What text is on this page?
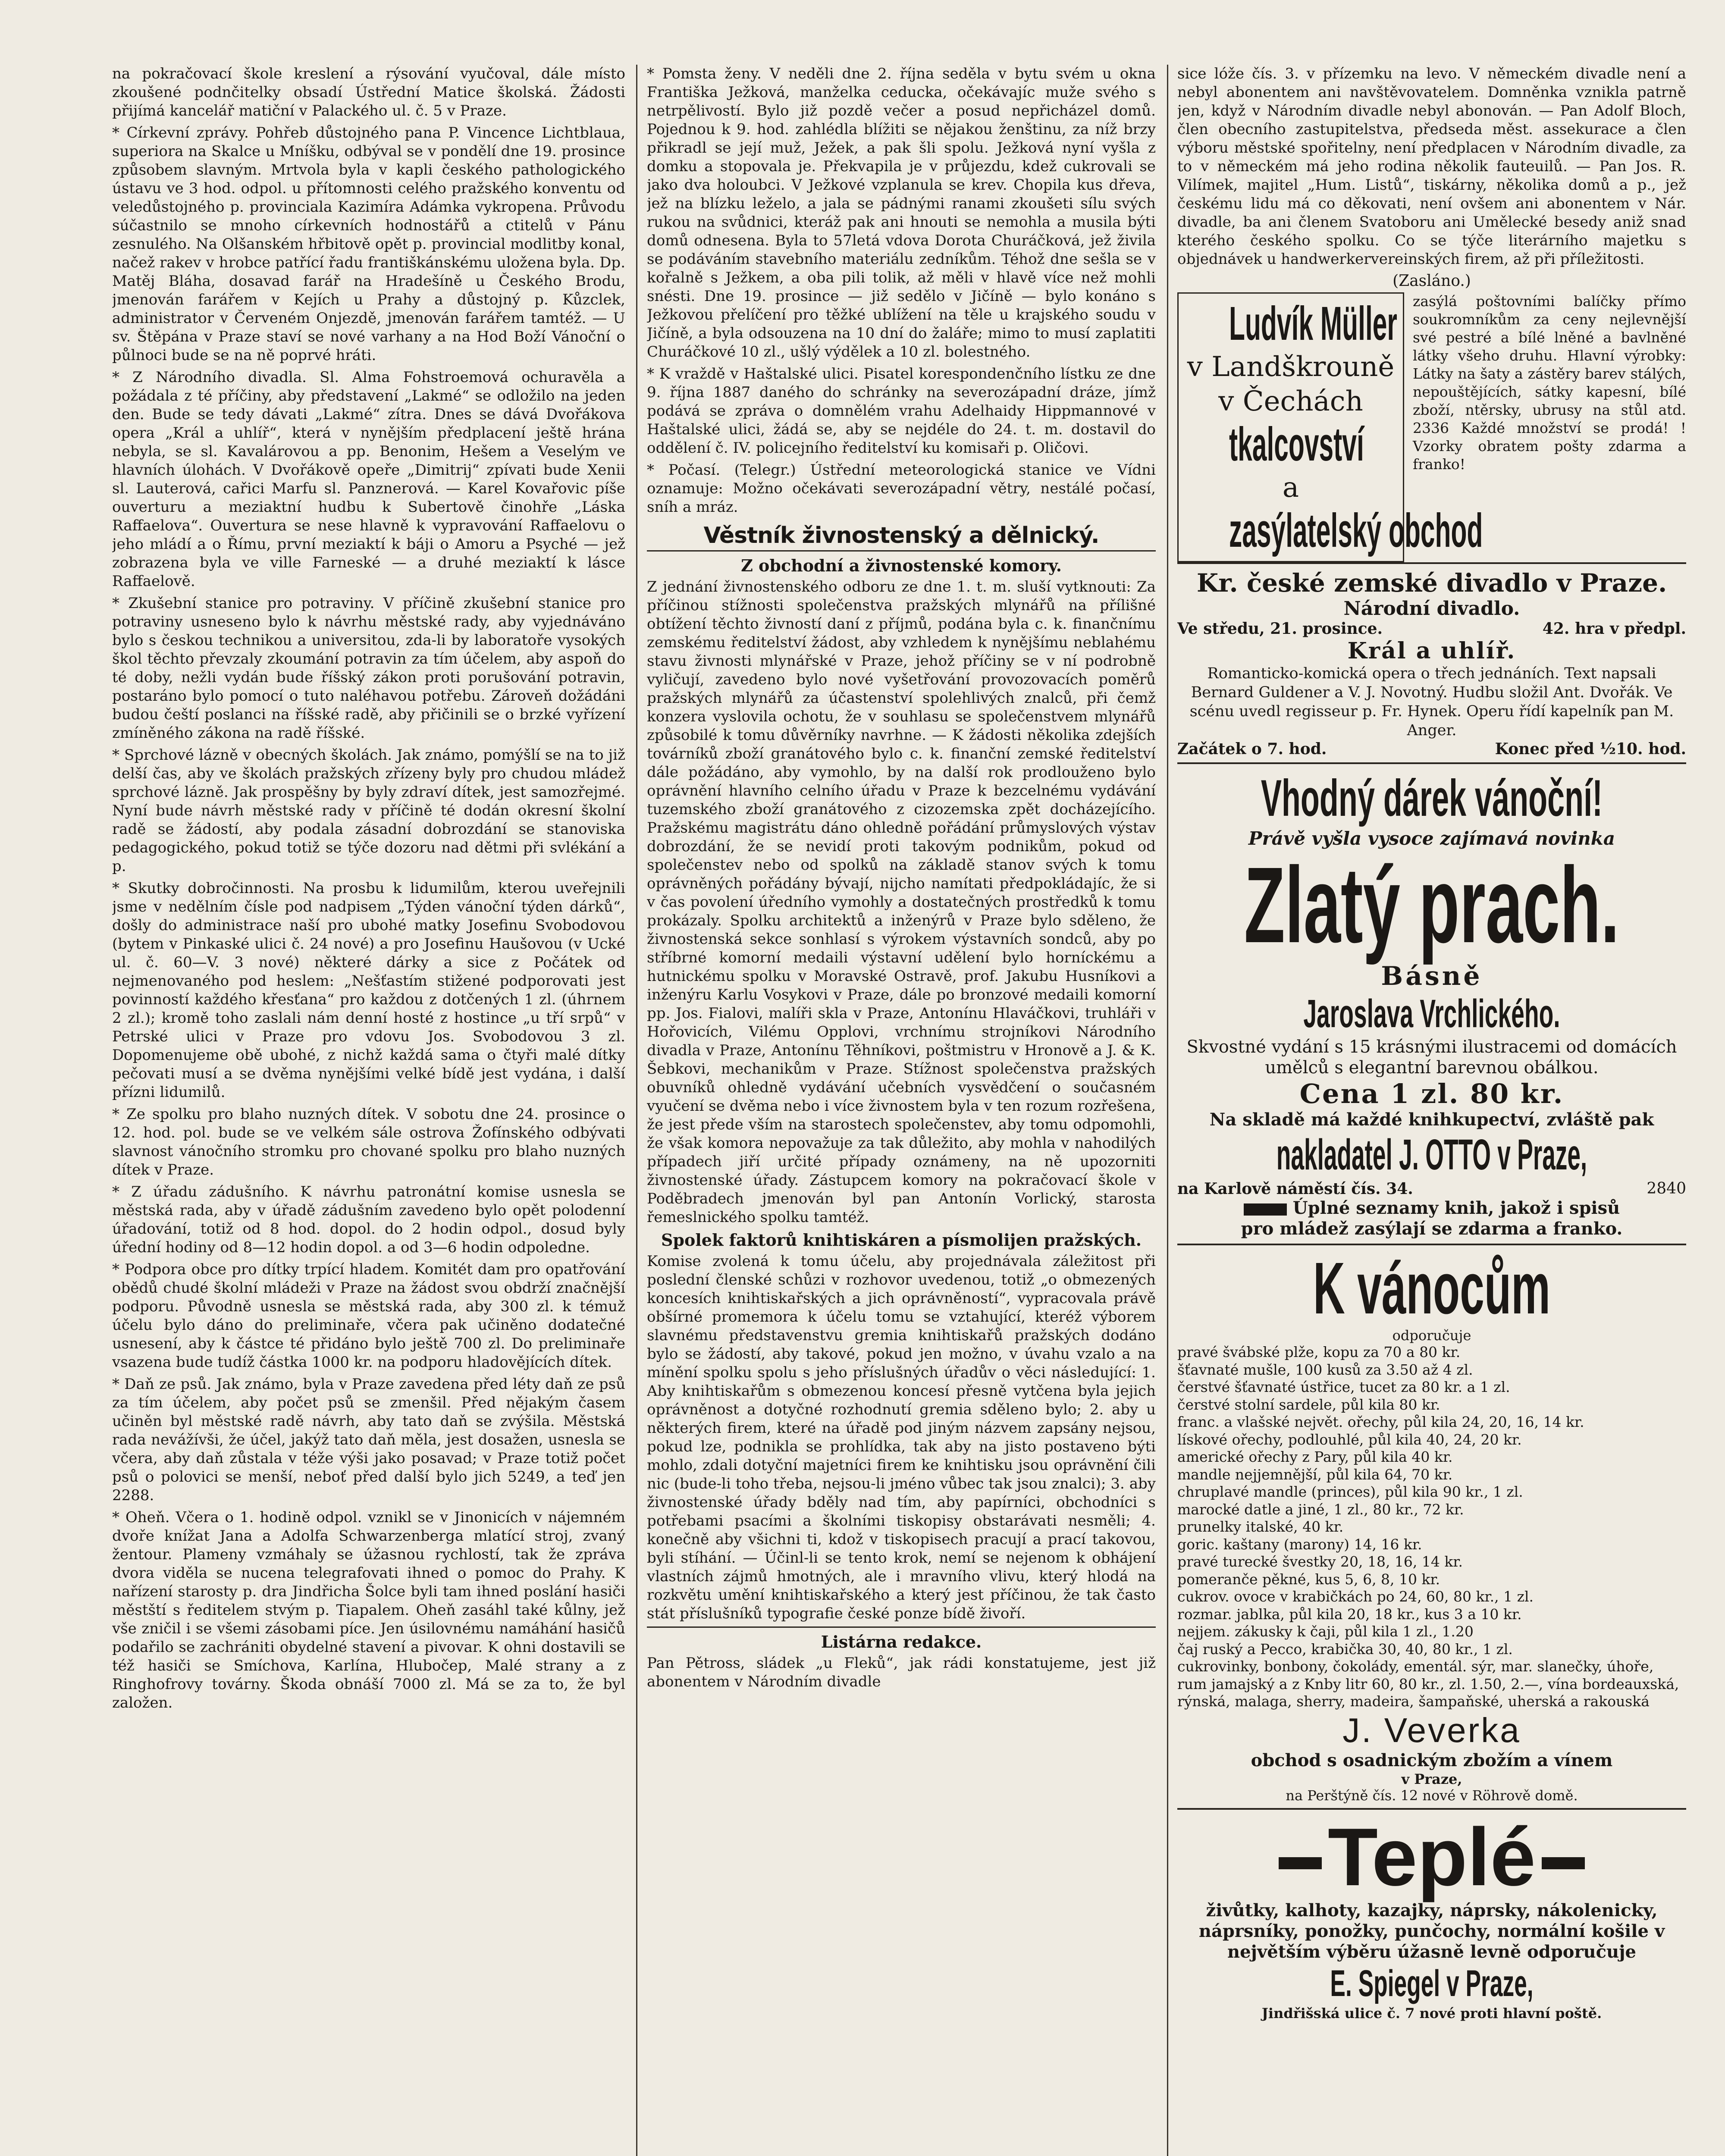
na pokračovací škole kreslení a rýsování vyučoval, dále místo zkoušené podnčitelky obsadí Ústřední Matice školská. Žádosti přijímá kancelář matiční v Palackého ul. č. 5 v Praze.

* Církevní zprávy. Pohřeb důstojného pana P. Vincence Lichtblaua, superiora na Skalce u Mníšku, odbýval se v pondělí dne 19. prosince způsobem slavným. Mrtvola byla v kapli českého pathologického ústavu ve 3 hod. odpol. u přítomnosti celého pražského konventu od veledůstojného p. provinciala Kazimíra Adámka vykropena. Průvodu súčastnilo se mnoho církevních hodnostářů a ctitelů v Pánu zesnulého. Na Olšanském hřbitově opět p. provincial modlitby konal, načež rakev v hrobce patřící řadu františkánskému uložena byla. Dp. Matěj Bláha, dosavad farář na Hradešíně u Českého Brodu, jmenován farářem v Kejích u Prahy a důstojný p. Kůzclek, administrator v Červeném Onjezdě, jmenován farářem tamtéž. — U sv. Štěpána v Praze staví se nové varhany a na Hod Boží Vánoční o půlnoci bude se na ně poprvé hráti.

* Z Národního divadla. Sl. Alma Fohstroemová ochuravěla a požádala z té příčiny, aby představení „Lakmé“ se odložilo na jeden den. Bude se tedy dávati „Lakmé“ zítra. Dnes se dává Dvořákova opera „Král a uhlíř“, která v nynějším předplacení ještě hrána nebyla, se sl. Kavalárovou a pp. Benonim, Hešem a Veselým ve hlavních úlohách. V Dvořákově opeře „Dimitrij“ zpívati bude Xenii sl. Lauterová, cařici Marfu sl. Panznerová. — Karel Kovařovic píše ouverturu a meziaktní hudbu k Subertově činohře „Láska Raffaelova“. Ouvertura se nese hlavně k vypravování Raffaelovu o jeho mládí a o Římu, první meziaktí k báji o Amoru a Psyché — jež zobrazena byla ve ville Farneské — a druhé meziaktí k lásce Raffaelově.

* Zkušební stanice pro potraviny. V příčině zkušební stanice pro potraviny usneseno bylo k návrhu městské rady, aby vyjednáváno bylo s českou technikou a universitou, zda-li by laboratoře vysokých škol těchto převzaly zkoumání potravin za tím účelem, aby aspoň do té doby, nežli vydán bude říšský zákon proti porušování potravin, postaráno bylo pomocí o tuto naléhavou potřebu. Zároveň dožádáni budou čeští poslanci na říšské radě, aby přičinili se o brzké vyřízení zmíněného zákona na radě říšské.

* Sprchové lázně v obecných školách. Jak známo, pomýšlí se na to již delší čas, aby ve školách pražských zřízeny byly pro chudou mládež sprchové lázně. Jak prospěšny by byly zdraví dítek, jest samozřejmé. Nyní bude návrh městské rady v příčině té dodán okresní školní radě se žádostí, aby podala zásadní dobrozdání se stanoviska pedagogického, pokud totiž se týče dozoru nad dětmi při svlékání a p.

* Skutky dobročinnosti. Na prosbu k lidumilům, kterou uveřejnili jsme v nedělním čísle pod nadpisem „Týden vánoční týden dárků“, došly do administrace naší pro ubohé matky Josefinu Svobodovou (bytem v Pinkaské ulici č. 24 nové) a pro Josefinu Haušovou (v Ucké ul. č. 60—V. 3 nové) některé dárky a sice z Počátek od nejmenovaného pod heslem: „Nešťastím stižené podporovati jest povinností každého křesťana“ pro každou z dotčených 1 zl. (úhrnem 2 zl.); kromě toho zaslali nám denní hosté z hostince „u tří srpů“ v Petrské ulici v Praze pro vdovu Jos. Svobodovou 3 zl. Dopomenujeme obě ubohé, z nichž každá sama o čtyři malé dítky pečovati musí a se dvěma nynějšími velké bídě jest vydána, i další přízni lidumilů.

* Ze spolku pro blaho nuzných dítek. V sobotu dne 24. prosince o 12. hod. pol. bude se ve velkém sále ostrova Žofínského odbývati slavnost vánočního stromku pro chované spolku pro blaho nuzných dítek v Praze.

* Z úřadu zádušního. K návrhu patronátní komise usnesla se městská rada, aby v úřadě zádušním zavedeno bylo opět polodenní úřadování, totiž od 8 hod. dopol. do 2 hodin odpol., dosud byly úřední hodiny od 8—12 hodin dopol. a od 3—6 hodin odpoledne.

* Podpora obce pro dítky trpící hladem. Komitét dam pro opatřování obědů chudé školní mládeži v Praze na žádost svou obdrží značnější podporu. Původně usnesla se městská rada, aby 300 zl. k témuž účelu bylo dáno do preliminaře, včera pak učiněno dodatečné usnesení, aby k částce té přidáno bylo ještě 700 zl. Do preliminaře vsazena bude tudíž částka 1000 kr. na podporu hladovějících dítek.

* Daň ze psů. Jak známo, byla v Praze zavedena před léty daň ze psů za tím účelem, aby počet psů se zmenšil. Před nějakým časem učiněn byl městské radě návrh, aby tato daň se zvýšila. Městská rada nevážívši, že účel, jakýž tato daň měla, jest dosažen, usnesla se včera, aby daň zůstala v téže výši jako posavad; v Praze totiž počet psů o polovici se menší, neboť před další bylo jich 5249, a teď jen 2288.

* Oheň. Včera o 1. hodině odpol. vznikl se v Jinonicích v nájemném dvoře knížat Jana a Adolfa Schwarzenberga mlatící stroj, zvaný žentour. Plameny vzmáhaly se úžasnou rychlostí, tak že zpráva dvora viděla se nucena telegrafovati ihned o pomoc do Prahy. K nařízení starosty p. dra Jindřicha Šolce byli tam ihned poslání hasiči městští s ředitelem stvým p. Tiapalem. Oheň zasáhl také kůlny, jež vše zničil i se všemi zásobami píce. Jen úsilovnému namáhání hasičů podařilo se zachrániti obydelné stavení a pivovar. K ohni dostavili se též hasiči se Smíchova, Karlína, Hlubočep, Malé strany a z Ringhofrovy továrny. Škoda obnáší 7000 zl. Má se za to, že byl založen.

* Pomsta ženy. V neděli dne 2. října seděla v bytu svém u okna Františka Ježková, manželka ceducka, očekávajíc muže svého s netrpělivostí. Bylo již pozdě večer a posud nepřicházel domů. Pojednou k 9. hod. zahlédla blížiti se nějakou ženštinu, za níž brzy přikradl se její muž, Ježek, a pak šli spolu. Ježková nyní vyšla z domku a stopovala je. Překvapila je v průjezdu, kdež cukrovali se jako dva holoubci. V Ježkové vzplanula se krev. Chopila kus dřeva, jež na blízku leželo, a jala se pádnými ranami zkoušeti sílu svých rukou na svůdnici, kteráž pak ani hnouti se nemohla a musila býti domů odnesena. Byla to 57letá vdova Dorota Churáčková, jež živila se podáváním stavebního materiálu zedníkům. Téhož dne sešla se v kořalně s Ježkem, a oba pili tolik, až měli v hlavě více než mohli snésti. Dne 19. prosince — již sedělo v Jičíně — bylo konáno s Ježkovou přelíčení pro těžké ublížení na těle u krajského soudu v Jičíně, a byla odsouzena na 10 dní do žaláře; mimo to musí zaplatiti Churáčkové 10 zl., ušlý výdělek a 10 zl. bolestného.

* K vraždě v Haštalské ulici. Pisatel korespondenčního lístku ze dne 9. října 1887 daného do schránky na severozápadní dráze, jímž podává se zpráva o domnělém vrahu Adelhaidy Hippmannové v Haštalské ulici, žádá se, aby se nejdéle do 24. t. m. dostavil do oddělení č. IV. policejního ředitelství ku komisaři p. Oličovi.

* Počasí. (Telegr.) Ústřední meteorologická stanice ve Vídni oznamuje: Možno očekávati severozápadní větry, nestálé počasí, sníh a mráz.

Věstník živnostenský a dělnický.
Z obchodní a živnostenské komory.

Z jednání živnostenského odboru ze dne 1. t. m. sluší vytknouti: Za příčinou stížnosti společenstva pražských mlynářů na přílišné obtížení těchto živností daní z příjmů, podána byla c. k. finančnímu zemskému ředitelství žádost, aby vzhledem k nynějšímu neblahému stavu živnosti mlynářské v Praze, jehož příčiny se v ní podrobně vyličují, zavedeno bylo nové vyšetřování provozovacích poměrů pražských mlynářů za účastenství spolehlivých znalců, při čemž konzera vyslovila ochotu, že v souhlasu se společenstvem mlynářů způsobilé k tomu důvěrníky navrhne. — K žádosti několika zdejších továrníků zboží granátového bylo c. k. finanční zemské ředitelství dále požádáno, aby vymohlo, by na další rok prodlouženo bylo oprávnění hlavního celního úřadu v Praze k bezcelnému vydávání tuzemského zboží granátového z cizozemska zpět docházejícího. Pražskému magistrátu dáno ohledně pořádání průmyslových výstav dobrozdání, že se nevidí proti takovým podnikům, pokud od společenstev nebo od spolků na základě stanov svých k tomu oprávněných pořádány bývají, nijcho namítati předpokládajíc, že si v čas povolení úředního vymohly a dostatečných prostředků k tomu prokázaly. Spolku architektů a inženýrů v Praze bylo sděleno, že živnostenská sekce sonhlasí s výrokem výstavních sondců, aby po stříbrné komorní medaili výstavní udělení bylo horníckému a hutnickému spolku v Moravské Ostravě, prof. Jakubu Husníkovi a inženýru Karlu Vosykovi v Praze, dále po bronzové medaili komorní pp. Jos. Fialovi, malíři skla v Praze, Antonínu Hlaváčkovi, truhláři v Hořovicích, Vilému Opplovi, vrchnímu strojníkovi Národního divadla v Praze, Antonínu Těhníkovi, poštmistru v Hronově a J. & K. Šebkovi, mechanikům v Praze. Stížnost společenstva pražských obuvníků ohledně vydávání učebních vysvědčení o současném vyučení se dvěma nebo i více živnostem byla v ten rozum rozřešena, že jest přede vším na starostech společenstev, aby tomu odpomohli, že však komora nepovažuje za tak důležito, aby mohla v nahodilých případech jiří určité případy oznámeny, na ně upozorniti živnostenské úřady. Zástupcem komory na pokračovací škole v Poděbradech jmenován byl pan Antonín Vorlický, starosta řemeslnického spolku tamtéž.

Spolek faktorů knihtiskáren a písmolijen pražských.

Komise zvolená k tomu účelu, aby projednávala záležitost při poslední členské schůzi v rozhovor uvedenou, totiž „o obmezených koncesích knihtiskařských a jich oprávněností“, vypracovala právě obšírné promemora k účelu tomu se vztahující, kteréž výborem slavnému představenstvu gremia knihtiskařů pražských dodáno bylo se žádostí, aby takové, pokud jen možno, v úvahu vzalo a na mínění spolku spolu s jeho příslušných úřadův o věci následující: 1. Aby knihtiskařům s obmezenou koncesí přesně vytčena byla jejich oprávněnost a dotyčné rozhodnutí gremia sděleno bylo; 2. aby u některých firem, které na úřadě pod jiným názvem zapsány nejsou, pokud lze, podnikla se prohlídka, tak aby na jisto postaveno býti mohlo, zdali dotyční majetníci firem ke knihtisku jsou oprávnění čili nic (bude-li toho třeba, nejsou-li jméno vůbec tak jsou znalci); 3. aby živnostenské úřady bděly nad tím, aby papírníci, obchodníci s potřebami psacími a školními tiskopisy obstarávati nesměli; 4. konečně aby všichni ti, kdož v tiskopisech pracují a prací takovou, byli stíhání. — Účinl-li se tento krok, nemí se nejenom k obhájení vlastních zájmů hmotných, ale i mravního vlivu, který hlodá na rozkvětu umění knihtiskařského a který jest příčinou, že tak často stát příslušníků typografie české ponze bídě živoří.

Listárna redakce.

Pan Pětross, sládek „u Fleků“, jak rádi konstatujeme, jest již abonentem v Národním divadle

sice lóže čís. 3. v přízemku na levo. V německém divadle není a nebyl abonentem ani navštěvovatelem. Domněnka vznikla patrně jen, když v Národním divadle nebyl abonován. — Pan Adolf Bloch, člen obecního zastupitelstva, předseda měst. assekurace a člen výboru městské spořitelny, není předplacen v Národním divadle, za to v německém má jeho rodina několik fauteuilů. — Pan Jos. R. Vilímek, majitel „Hum. Listů“, tiskárny, několika domů a p., jež českému lidu má co děkovati, není ovšem ani abonentem v Nár. divadle, ba ani členem Svatoboru ani Umělecké besedy aniž snad kterého českého spolku. Co se týče literárního majetku s objednávek u handwerkervereinských firem, až při příležitosti.

(Zasláno.)
Ludvík Müller
v Landškrouně
v Čechách
tkalcovství
a
zasýlatelský obchod
zasýlá poštovními balíčky přímo soukromníkům za ceny nejlevnější své pestré a bílé lněné a bavlněné látky všeho druhu. Hlavní výrobky: Látky na šaty a zástěry barev stálých, nepouštějících, sátky kapesní, bílé zboží, ntěrsky, ubrusy na stůl atd. 2336 Každé množství se prodá! ! Vzorky obratem pošty zdarma a franko!
Kr. české zemské divadlo v Praze.
Národní divadlo.
Ve středu, 21. prosince.	42. hra v předpl.
Král a uhlíř.
Romanticko-komická opera o třech jednáních. Text napsali Bernard Guldener a V. J. Novotný. Hudbu složil Ant. Dvořák. Ve scénu uvedl regisseur p. Fr. Hynek. Operu řídí kapelník pan M. Anger.
Začátek o 7. hod.	Konec před ½10. hod.
Vhodný dárek vánoční!
Právě vyšla vysoce zajímavá novinka
Zlatý prach.
Básně
Jaroslava Vrchlického.
Skvostné vydání s 15 krásnými ilustracemi od domácích umělců s elegantní barevnou obálkou.
Cena 1 zl. 80 kr.
Na skladě má každé knihkupectví, zvláště pak
nakladatel J. OTTO v Praze,
na Karlově náměstí čís. 34.	2840
Úplné seznamy knih, jakož i spisů
pro mládež zasýlají se zdarma a franko.
K vánocům
odporučuje
pravé švábské plže, kopu za 70 a 80 kr.
šťavnaté mušle, 100 kusů za 3.50 až 4 zl.
čerstvé šťavnaté ústřice, tucet za 80 kr. a 1 zl.
čerstvé stolní sardele, půl kila 80 kr.
franc. a vlašské největ. ořechy, půl kila 24, 20, 16, 14 kr.
lískové ořechy, podlouhlé, půl kila 40, 24, 20 kr.
americké ořechy z Pary, půl kila 40 kr.
mandle nejjemnější, půl kila 64, 70 kr.
chruplavé mandle (princes), půl kila 90 kr., 1 zl.
marocké datle a jiné, 1 zl., 80 kr., 72 kr.
prunelky italské, 40 kr.
goric. kaštany (marony) 14, 16 kr.
pravé turecké švestky 20, 18, 16, 14 kr.
pomeranče pěkné, kus 5, 6, 8, 10 kr.
cukrov. ovoce v krabičkách po 24, 60, 80 kr., 1 zl.
rozmar. jablka, půl kila 20, 18 kr., kus 3 a 10 kr.
nejjem. zákusky k čaji, půl kila 1 zl., 1.20
čaj ruský a Pecco, krabička 30, 40, 80 kr., 1 zl.
cukrovinky, bonbony, čokolády, ementál. sýr, mar. slanečky, úhoře, rum jamajský a z Knby litr 60, 80 kr., zl. 1.50, 2.—, vína bordeauxská, rýnská, malaga, sherry, madeira, šampaňské, uherská a rakouská
J. Veverka
obchod s osadnickým zbožím a vínem
v Praze,
na Perštýně čís. 12 nové v Röhrově domě.
Teplé
živůtky, kalhoty, kazajky, náprsky, nákolenicky, náprsníky, ponožky, punčochy, normální košile v největším výběru úžasně levně odporučuje
E. Spiegel v Praze,
Jindřišská ulice č. 7 nové proti hlavní poště.
